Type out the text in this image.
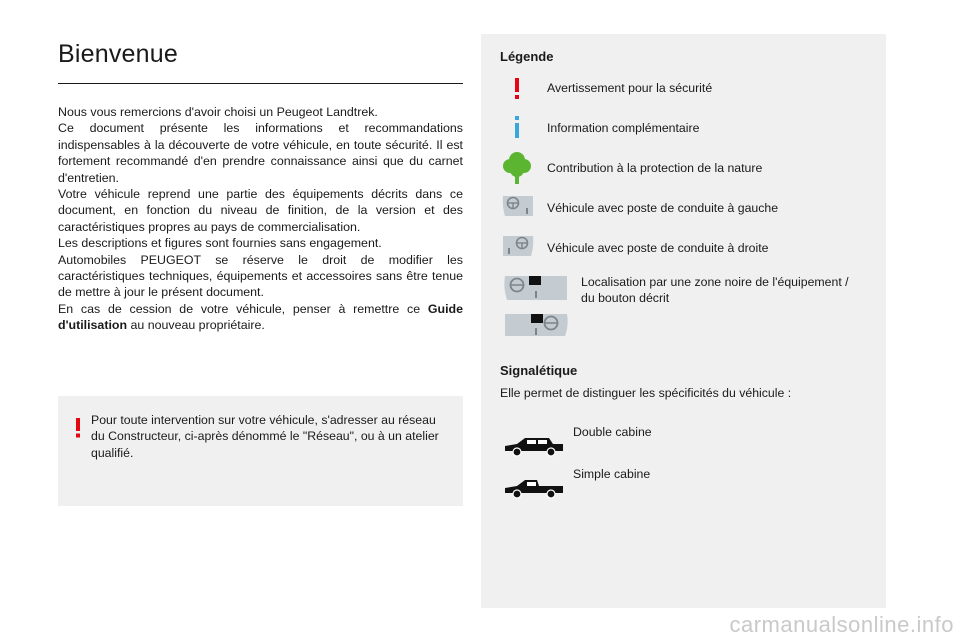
Bienvenue

Nous vous remercions d'avoir choisi un Peugeot Landtrek.

Ce document présente les informations et recommandations indispensables à la découverte de votre véhicule, en toute sécurité. Il est fortement recommandé d'en prendre connaissance ainsi que du carnet d'entretien.

Votre véhicule reprend une partie des équipements décrits dans ce document, en fonction du niveau de finition, de la version et des caractéristiques propres au pays de commercialisation.

Les descriptions et figures sont fournies sans engagement.

Automobiles PEUGEOT se réserve le droit de modifier les caractéristiques techniques, équipements et accessoires sans être tenue de mettre à jour le présent document.

En cas de cession de votre véhicule, penser à remettre ce Guide d'utilisation au nouveau propriétaire.

Pour toute intervention sur votre véhicule, s'adresser au réseau du Constructeur, ci-après dénommé le "Réseau", ou à un atelier qualifié.
Légende
Avertissement pour la sécurité
Information complémentaire
Contribution à la protection de la nature
Véhicule avec poste de conduite à gauche
Véhicule avec poste de conduite à droite
Localisation par une zone noire de l'équipement / du bouton décrit
Signalétique
Elle permet de distinguer les spécificités du véhicule :
Double cabine
Simple cabine
carmanualsonline.info
